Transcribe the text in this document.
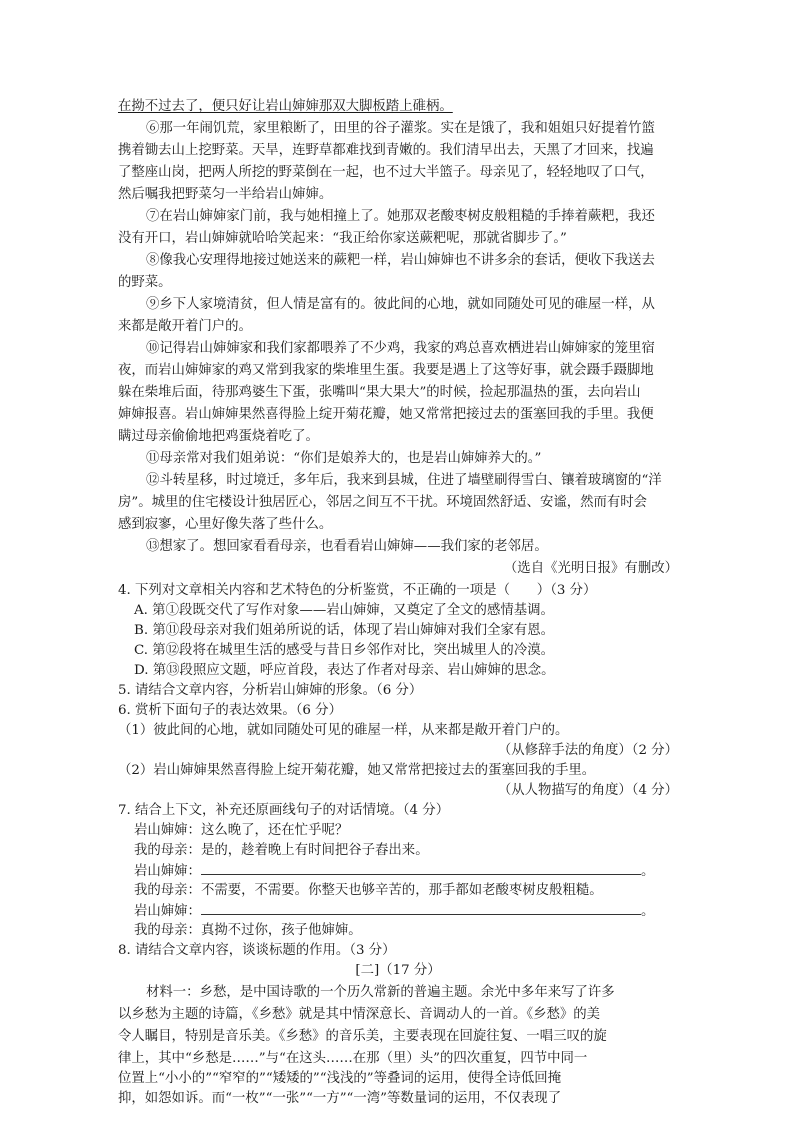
在拗不过去了，便只好让岩山婶婶那双大脚板踏上碓柄。
⑥那一年闹饥荒，家里粮断了，田里的谷子灌浆。实在是饿了，我和姐姐只好提着竹篮
携着锄去山上挖野菜。天旱，连野草都难找到青嫩的。我们清早出去，天黑了才回来，找遍
了整座山岗，把两人所挖的野菜倒在一起，也不过大半篮子。母亲见了，轻轻地叹了口气，
然后嘱我把野菜匀一半给岩山婶婶。
⑦在岩山婶婶家门前，我与她相撞上了。她那双老酸枣树皮般粗糙的手捧着蕨粑，我还
没有开口，岩山婶婶就哈哈笑起来：“我正给你家送蕨粑呢，那就省脚步了。”
⑧像我心安理得地接过她送来的蕨粑一样，岩山婶婶也不讲多余的套话，便收下我送去
的野菜。
⑨乡下人家境清贫，但人情是富有的。彼此间的心地，就如同随处可见的碓屋一样，从
来都是敞开着门户的。
⑩记得岩山婶婶家和我们家都喂养了不少鸡，我家的鸡总喜欢栖进岩山婶婶家的笼里宿
夜，而岩山婶婶家的鸡又常到我家的柴堆里生蛋。我要是遇上了这等好事，就会蹑手蹑脚地
躲在柴堆后面，待那鸡婆生下蛋，张嘴叫“果大果大”的时候，捡起那温热的蛋，去向岩山
婶婶报喜。岩山婶婶果然喜得脸上绽开菊花瓣，她又常常把接过去的蛋塞回我的手里。我便
瞒过母亲偷偷地把鸡蛋烧着吃了。
⑪母亲常对我们姐弟说：“你们是娘养大的，也是岩山婶婶养大的。”
⑫斗转星移，时过境迁，多年后，我来到县城，住进了墙壁刷得雪白、镶着玻璃窗的“洋
房”。城里的住宅楼设计独居匠心，邻居之间互不干扰。环境固然舒适、安谧，然而有时会
感到寂寥，心里好像失落了些什么。
⑬想家了。想回家看看母亲，也看看岩山婶婶——我们家的老邻居。
（选自《光明日报》有删改）
4. 下列对文章相关内容和艺术特色的分析鉴赏，不正确的一项是（　　）（3 分）
A. 第①段既交代了写作对象——岩山婶婶，又奠定了全文的感情基调。
B. 第⑪段母亲对我们姐弟所说的话，体现了岩山婶婶对我们全家有恩。
C. 第⑫段将在城里生活的感受与昔日乡邻作对比，突出城里人的冷漠。
D. 第⑬段照应文题，呼应首段，表达了作者对母亲、岩山婶婶的思念。
5. 请结合文章内容，分析岩山婶婶的形象。（6 分）
6. 赏析下面句子的表达效果。（6 分）
（1）彼此间的心地，就如同随处可见的碓屋一样，从来都是敞开着门户的。
（从修辞手法的角度）（2 分）
（2）岩山婶婶果然喜得脸上绽开菊花瓣，她又常常把接过去的蛋塞回我的手里。
（从人物描写的角度）（4 分）
7. 结合上下文，补充还原画线句子的对话情境。（4 分）
岩山婶婶：这么晚了，还在忙乎呢？
我的母亲：是的，趁着晚上有时间把谷子舂出来。
岩山婶婶：	。
我的母亲：不需要，不需要。你整天也够辛苦的，那手都如老酸枣树皮般粗糙。
岩山婶婶：	。
我的母亲：真拗不过你，孩子他婶婶。
8. 请结合文章内容，谈谈标题的作用。（3 分）
[二]（17 分）
材料一：乡愁，是中国诗歌的一个历久常新的普遍主题。余光中多年来写了许多
以乡愁为主题的诗篇，《乡愁》就是其中情深意长、音调动人的一首。《乡愁》的美
令人瞩目，特别是音乐美。《乡愁》的音乐美，主要表现在回旋往复、一唱三叹的旋
律上，其中“乡愁是……”与“在这头……在那（里）头”的四次重复，四节中同一
位置上“小小的”“窄窄的”“矮矮的”“浅浅的”等叠词的运用，使得全诗低回掩
抑，如怨如诉。而“一枚”“一张”“一方”“一湾”等数量词的运用，不仅表现了
